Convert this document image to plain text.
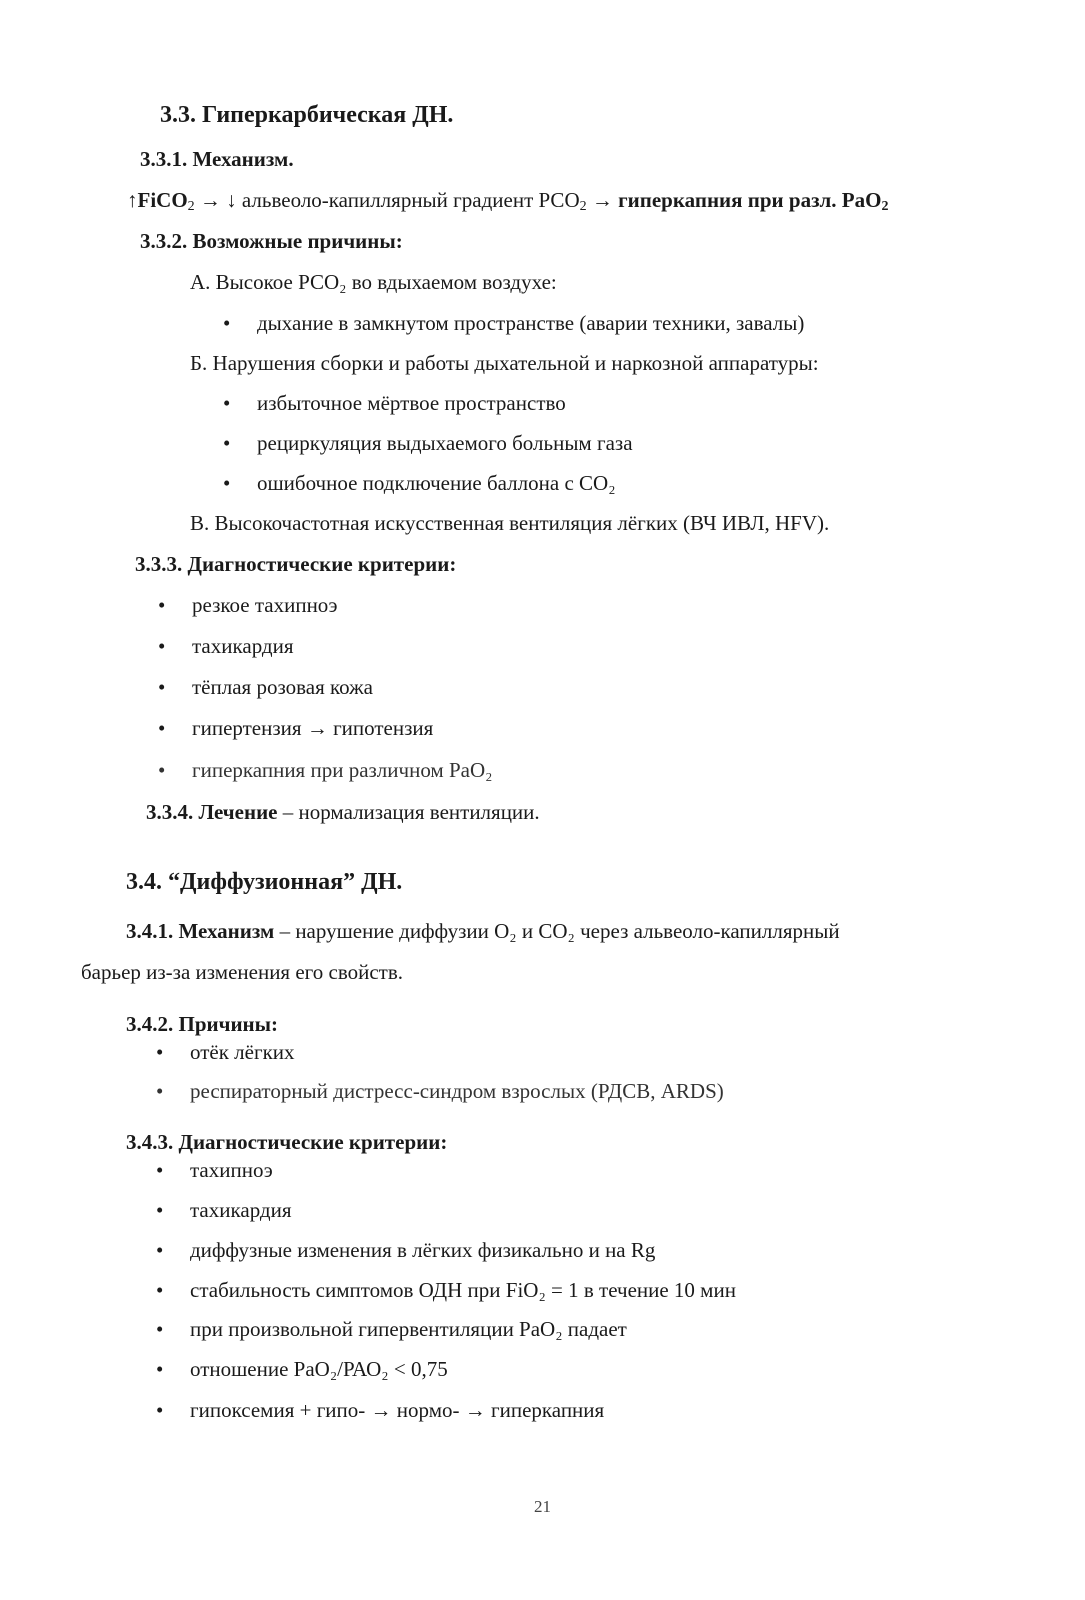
3.3. Гиперкарбическая ДН.
3.3.1. Механизм.
↑FiCO$_2$ → ↓ альвеоло-капиллярный градиент $РСО_2$ → гиперкапния при разл. РаО$_2$
3.3.2. Возможные причины:
А. Высокое РСО₂ во вдыхаемом воздухе:
• дыхание в замкнутом пространстве (аварии техники, завалы)
Б. Нарушения сборки и работы дыхательной и наркозной аппаратуры:
• избыточное мёртвое пространство
• рециркуляция выдыхаемого больным газа
• ошибочное подключение баллона с СО₂
В. Высокочастотная искусственная вентиляция лёгких (ВЧ ИВЛ, HFV).
3.3.3. Диагностические критерии:
• резкое тахипноэ
• тахикардия
• тёплая розовая кожа
• гипертензия → гипотензия
• гиперкапния при различном РаО₂
3.3.4. Лечение – нормализация вентиляции.
3.4. “Диффузионная” ДН.
3.4.1. Механизм – нарушение диффузии О₂ и СО₂ через альвеоло-капиллярный
барьер из-за изменения его свойств.
3.4.2. Причины:
• отёк лёгких
• респираторный дистресс-синдром взрослых (РДСВ, ARDS)
3.4.3. Диагностические критерии:
• тахипноэ
• тахикардия
• диффузные изменения в лёгких физикально и на Rg
• стабильность симптомов ОДН при FiO₂ = 1 в течение 10 мин
• при произвольной гипервентиляции РаО₂ падает
• отношение РаО₂/РАО₂ < 0,75
• гипоксемия + гипо- → нормо- → гиперкапния
21
